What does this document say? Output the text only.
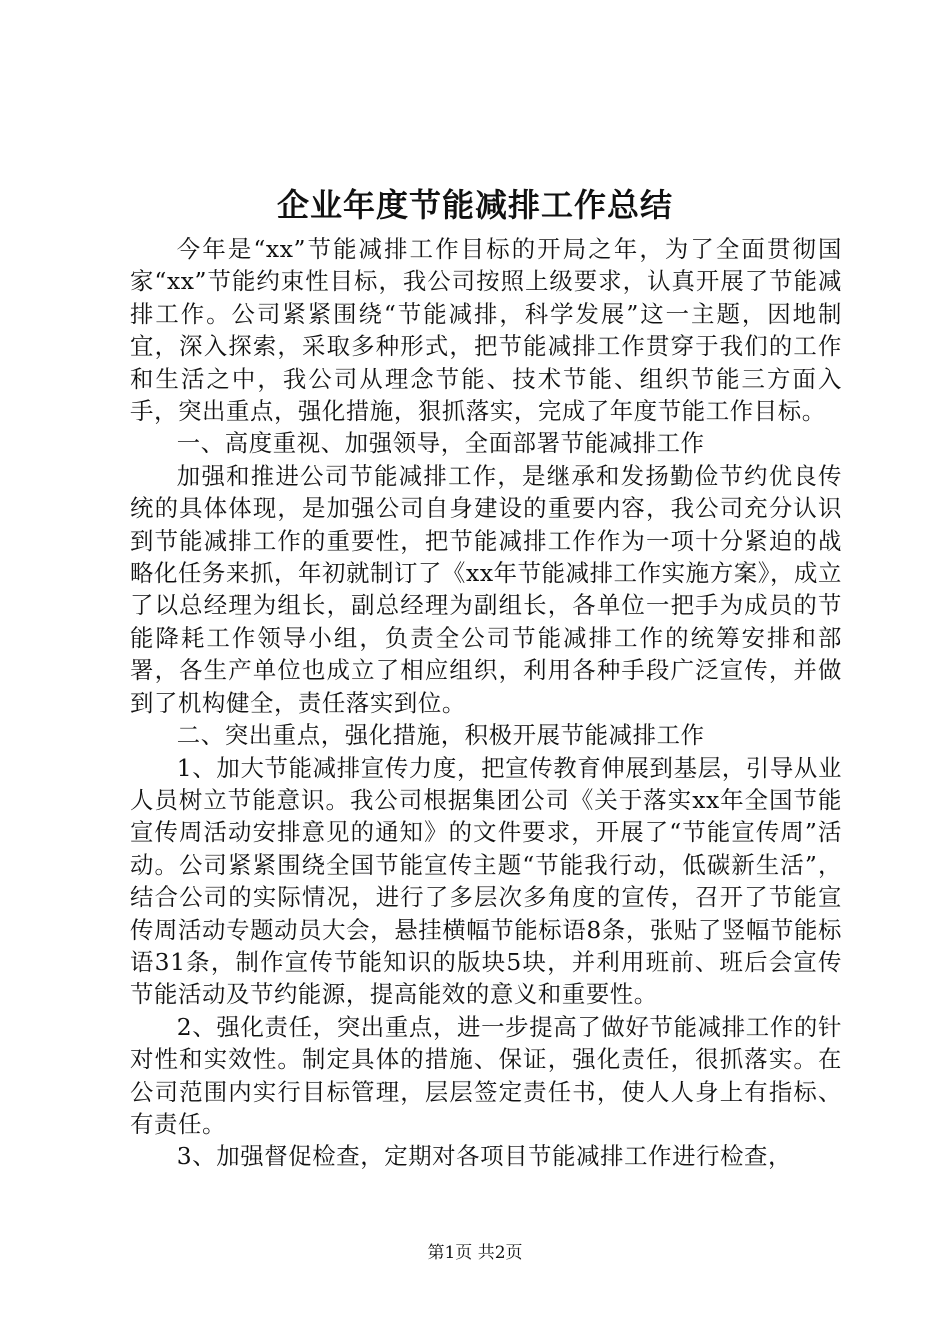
企业年度节能减排工作总结

今年是“xx”节能减排工作目标的开局之年，为了全面贯彻国家“xx”节能约束性目标，我公司按照上级要求，认真开展了节能减排工作。公司紧紧围绕“节能减排，科学发展”这一主题，因地制宜，深入探索，采取多种形式，把节能减排工作贯穿于我们的工作和生活之中，我公司从理念节能、技术节能、组织节能三方面入手，突出重点，强化措施，狠抓落实，完成了年度节能工作目标。

一、高度重视、加强领导，全面部署节能减排工作

加强和推进公司节能减排工作，是继承和发扬勤俭节约优良传统的具体体现，是加强公司自身建设的重要内容，我公司充分认识到节能减排工作的重要性，把节能减排工作作为一项十分紧迫的战略化任务来抓，年初就制订了《xx年节能减排工作实施方案》，成立了以总经理为组长，副总经理为副组长，各单位一把手为成员的节能降耗工作领导小组，负责全公司节能减排工作的统筹安排和部署，各生产单位也成立了相应组织，利用各种手段广泛宣传，并做到了机构健全，责任落实到位。

二、突出重点，强化措施，积极开展节能减排工作

1、加大节能减排宣传力度，把宣传教育伸展到基层，引导从业人员树立节能意识。我公司根据集团公司《关于落实xx年全国节能宣传周活动安排意见的通知》的文件要求，开展了“节能宣传周”活动。公司紧紧围绕全国节能宣传主题“节能我行动，低碳新生活”，结合公司的实际情况，进行了多层次多角度的宣传，召开了节能宣传周活动专题动员大会，悬挂横幅节能标语8条，张贴了竖幅节能标语31条，制作宣传节能知识的版块5块，并利用班前、班后会宣传节能活动及节约能源，提高能效的意义和重要性。

2、强化责任，突出重点，进一步提高了做好节能减排工作的针对性和实效性。制定具体的措施、保证，强化责任，很抓落实。在公司范围内实行目标管理，层层签定责任书，使人人身上有指标、有责任。

3、加强督促检查，定期对各项目节能减排工作进行检查，

第1页 共2页
